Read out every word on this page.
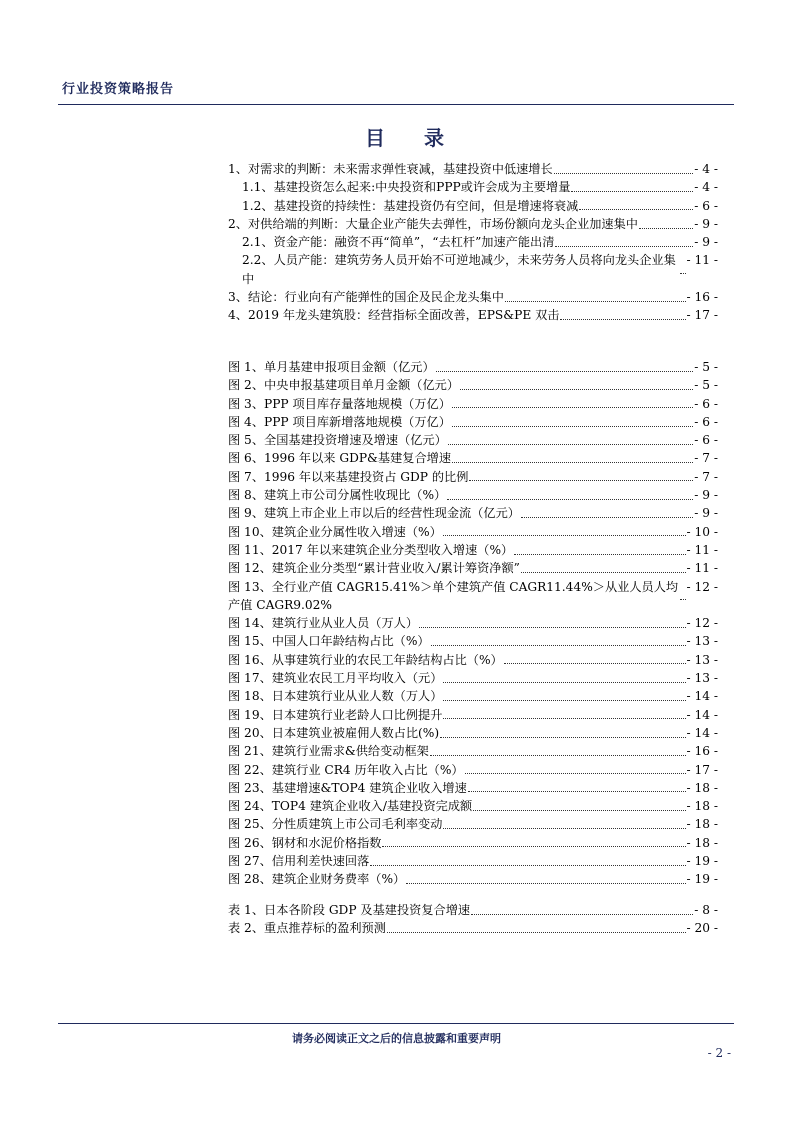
行业投资策略报告
目 录
1、对需求的判断：未来需求弹性衰减，基建投资中低速增长	- 4 -
1.1、基建投资怎么起来:中央投资和PPP或许会成为主要增量	- 4 -
1.2、基建投资的持续性：基建投资仍有空间，但是增速将衰减	- 6 -
2、对供给端的判断：大量企业产能失去弹性，市场份额向龙头企业加速集中	- 9 -
2.1、资金产能：融资不再“简单”，“去杠杆”加速产能出清	- 9 -
2.2、人员产能：建筑劳务人员开始不可逆地减少，未来劳务人员将向龙头企业集中
- 11 -
3、结论：行业向有产能弹性的国企及民企龙头集中	- 16 -
4、2019 年龙头建筑股：经营指标全面改善，EPS&PE 双击	- 17 -
图 1、单月基建申报项目金额（亿元）	- 5 -
图 2、中央申报基建项目单月金额（亿元）	- 5 -
图 3、PPP 项目库存量落地规模（万亿）	- 6 -
图 4、PPP 项目库新增落地规模（万亿）	- 6 -
图 5、全国基建投资增速及增速（亿元）	- 6 -
图 6、1996 年以来 GDP&基建复合增速	- 7 -
图 7、1996 年以来基建投资占 GDP 的比例	- 7 -
图 8、建筑上市公司分属性收现比（%）	- 9 -
图 9、建筑上市企业上市以后的经营性现金流（亿元）	- 9 -
图 10、建筑企业分属性收入增速（%）	- 10 -
图 11、2017 年以来建筑企业分类型收入增速（%）	- 11 -
图 12、建筑企业分类型“累计营业收入/累计筹资净额”	- 11 -
图 13、全行业产值 CAGR15.41%＞单个建筑产值 CAGR11.44%＞从业人员人均产值 CAGR9.02%
- 12 -
图 14、建筑行业从业人员（万人）	- 12 -
图 15、中国人口年龄结构占比（%）	- 13 -
图 16、从事建筑行业的农民工年龄结构占比（%）	- 13 -
图 17、建筑业农民工月平均收入（元）	- 13 -
图 18、日本建筑行业从业人数（万人）	- 14 -
图 19、日本建筑行业老龄人口比例提升	- 14 -
图 20、日本建筑业被雇佣人数占比(%)	- 14 -
图 21、建筑行业需求&供给变动框架	- 16 -
图 22、建筑行业 CR4 历年收入占比（%）	- 17 -
图 23、基建增速&TOP4 建筑企业收入增速	- 18 -
图 24、TOP4 建筑企业收入/基建投资完成额	- 18 -
图 25、分性质建筑上市公司毛利率变动	- 18 -
图 26、钢材和水泥价格指数	- 18 -
图 27、信用利差快速回落	- 19 -
图 28、建筑企业财务费率（%）	- 19 -
表 1、日本各阶段 GDP 及基建投资复合增速	- 8 -
表 2、重点推荐标的盈利预测	- 20 -
请务必阅读正文之后的信息披露和重要声明
- 2 -
